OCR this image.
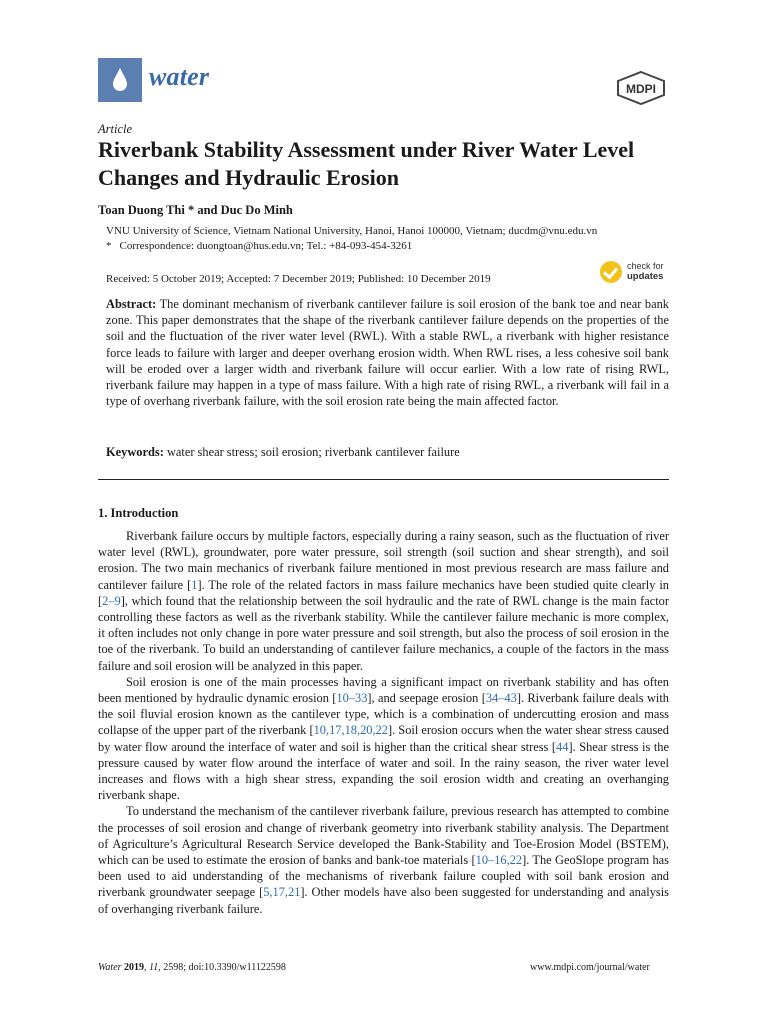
water	MDPI
Article
Riverbank Stability Assessment under River Water Level Changes and Hydraulic Erosion
Toan Duong Thi * and Duc Do Minh
VNU University of Science, Vietnam National University, Hanoi, Hanoi 100000, Vietnam; ducdm@vnu.edu.vn
* Correspondence: duongtoan@hus.edu.vn; Tel.: +84-093-454-3261
Received: 5 October 2019; Accepted: 7 December 2019; Published: 10 December 2019
check for
updates
Abstract: The dominant mechanism of riverbank cantilever failure is soil erosion of the bank toe and near bank zone. This paper demonstrates that the shape of the riverbank cantilever failure depends on the properties of the soil and the fluctuation of the river water level (RWL). With a stable RWL, a riverbank with higher resistance force leads to failure with larger and deeper overhang erosion width. When RWL rises, a less cohesive soil bank will be eroded over a larger width and riverbank failure will occur earlier. With a low rate of rising RWL, riverbank failure may happen in a type of mass failure. With a high rate of rising RWL, a riverbank will fail in a type of overhang riverbank failure, with the soil erosion rate being the main affected factor.
Keywords: water shear stress; soil erosion; riverbank cantilever failure
1. Introduction

Riverbank failure occurs by multiple factors, especially during a rainy season, such as the fluctuation of river water level (RWL), groundwater, pore water pressure, soil strength (soil suction and shear strength), and soil erosion. The two main mechanics of riverbank failure mentioned in most previous research are mass failure and cantilever failure [1]. The role of the related factors in mass failure mechanics have been studied quite clearly in [2–9], which found that the relationship between the soil hydraulic and the rate of RWL change is the main factor controlling these factors as well as the riverbank stability. While the cantilever failure mechanic is more complex, it often includes not only change in pore water pressure and soil strength, but also the process of soil erosion in the toe of the riverbank. To build an understanding of cantilever failure mechanics, a couple of the factors in the mass failure and soil erosion will be analyzed in this paper.

Soil erosion is one of the main processes having a significant impact on riverbank stability and has often been mentioned by hydraulic dynamic erosion [10–33], and seepage erosion [34–43]. Riverbank failure deals with the soil fluvial erosion known as the cantilever type, which is a combination of undercutting erosion and mass collapse of the upper part of the riverbank [10,17,18,20,22]. Soil erosion occurs when the water shear stress caused by water flow around the interface of water and soil is higher than the critical shear stress [44]. Shear stress is the pressure caused by water flow around the interface of water and soil. In the rainy season, the river water level increases and flows with a high shear stress, expanding the soil erosion width and creating an overhanging riverbank shape.

To understand the mechanism of the cantilever riverbank failure, previous research has attempted to combine the processes of soil erosion and change of riverbank geometry into riverbank stability analysis. The Department of Agriculture’s Agricultural Research Service developed the Bank-Stability and Toe-Erosion Model (BSTEM), which can be used to estimate the erosion of banks and bank-toe materials [10–16,22]. The GeoSlope program has been used to aid understanding of the mechanisms of riverbank failure coupled with soil bank erosion and riverbank groundwater seepage [5,17,21]. Other models have also been suggested for understanding and analysis of overhanging riverbank failure.

Water 2019, 11, 2598; doi:10.3390/w11122598	www.mdpi.com/journal/water
